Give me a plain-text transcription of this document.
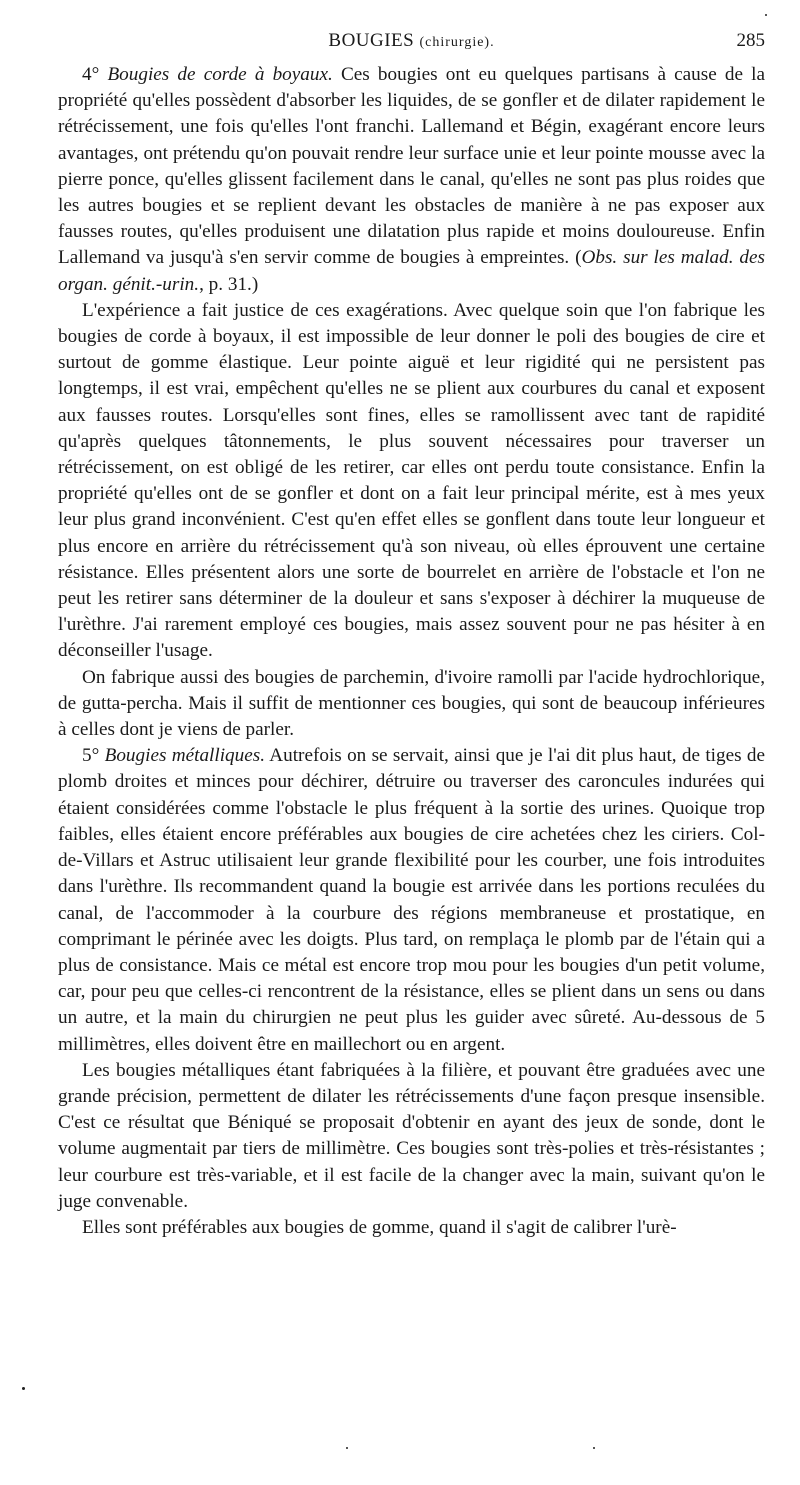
BOUGIES (chirurgie).	285

4° Bougies de corde à boyaux. Ces bougies ont eu quelques partisans à cause de la propriété qu'elles possèdent d'absorber les liquides, de se gonfler et de dilater rapidement le rétrécissement, une fois qu'elles l'ont franchi. Lallemand et Bégin, exagérant encore leurs avantages, ont prétendu qu'on pouvait rendre leur surface unie et leur pointe mousse avec la pierre ponce, qu'elles glissent facilement dans le canal, qu'elles ne sont pas plus roides que les autres bougies et se replient devant les obstacles de manière à ne pas exposer aux fausses routes, qu'elles produisent une dilatation plus rapide et moins douloureuse. Enfin Lallemand va jusqu'à s'en servir comme de bougies à empreintes. (Obs. sur les malad. des organ. génit.-urin., p. 31.)

L'expérience a fait justice de ces exagérations. Avec quelque soin que l'on fabrique les bougies de corde à boyaux, il est impossible de leur donner le poli des bougies de cire et surtout de gomme élastique. Leur pointe aiguë et leur rigidité qui ne persistent pas longtemps, il est vrai, empêchent qu'elles ne se plient aux courbures du canal et exposent aux fausses routes. Lorsqu'elles sont fines, elles se ramollissent avec tant de rapidité qu'après quelques tâtonnements, le plus souvent nécessaires pour traverser un rétrécissement, on est obligé de les retirer, car elles ont perdu toute consistance. Enfin la propriété qu'elles ont de se gonfler et dont on a fait leur principal mérite, est à mes yeux leur plus grand inconvénient. C'est qu'en effet elles se gonflent dans toute leur longueur et plus encore en arrière du rétrécissement qu'à son niveau, où elles éprouvent une certaine résistance. Elles présentent alors une sorte de bourrelet en arrière de l'obstacle et l'on ne peut les retirer sans déterminer de la douleur et sans s'exposer à déchirer la muqueuse de l'urèthre. J'ai rarement employé ces bougies, mais assez souvent pour ne pas hésiter à en déconseiller l'usage.

On fabrique aussi des bougies de parchemin, d'ivoire ramolli par l'acide hydrochlorique, de gutta-percha. Mais il suffit de mentionner ces bougies, qui sont de beaucoup inférieures à celles dont je viens de parler.

5° Bougies métalliques. Autrefois on se servait, ainsi que je l'ai dit plus haut, de tiges de plomb droites et minces pour déchirer, détruire ou traverser des caroncules indurées qui étaient considérées comme l'obstacle le plus fréquent à la sortie des urines. Quoique trop faibles, elles étaient encore préférables aux bougies de cire achetées chez les ciriers. Col-de-Villars et Astruc utilisaient leur grande flexibilité pour les courber, une fois introduites dans l'urèthre. Ils recommandent quand la bougie est arrivée dans les portions reculées du canal, de l'accommoder à la courbure des régions membraneuse et prostatique, en comprimant le périnée avec les doigts. Plus tard, on remplaça le plomb par de l'étain qui a plus de consistance. Mais ce métal est encore trop mou pour les bougies d'un petit volume, car, pour peu que celles-ci rencontrent de la résistance, elles se plient dans un sens ou dans un autre, et la main du chirurgien ne peut plus les guider avec sûreté. Au-dessous de 5 millimètres, elles doivent être en maillechort ou en argent.

Les bougies métalliques étant fabriquées à la filière, et pouvant être graduées avec une grande précision, permettent de dilater les rétrécissements d'une façon presque insensible. C'est ce résultat que Béniqué se proposait d'obtenir en ayant des jeux de sonde, dont le volume augmentait par tiers de millimètre. Ces bougies sont très-polies et très-résistantes ; leur courbure est très-variable, et il est facile de la changer avec la main, suivant qu'on le juge convenable.

Elles sont préférables aux bougies de gomme, quand il s'agit de calibrer l'urè-
